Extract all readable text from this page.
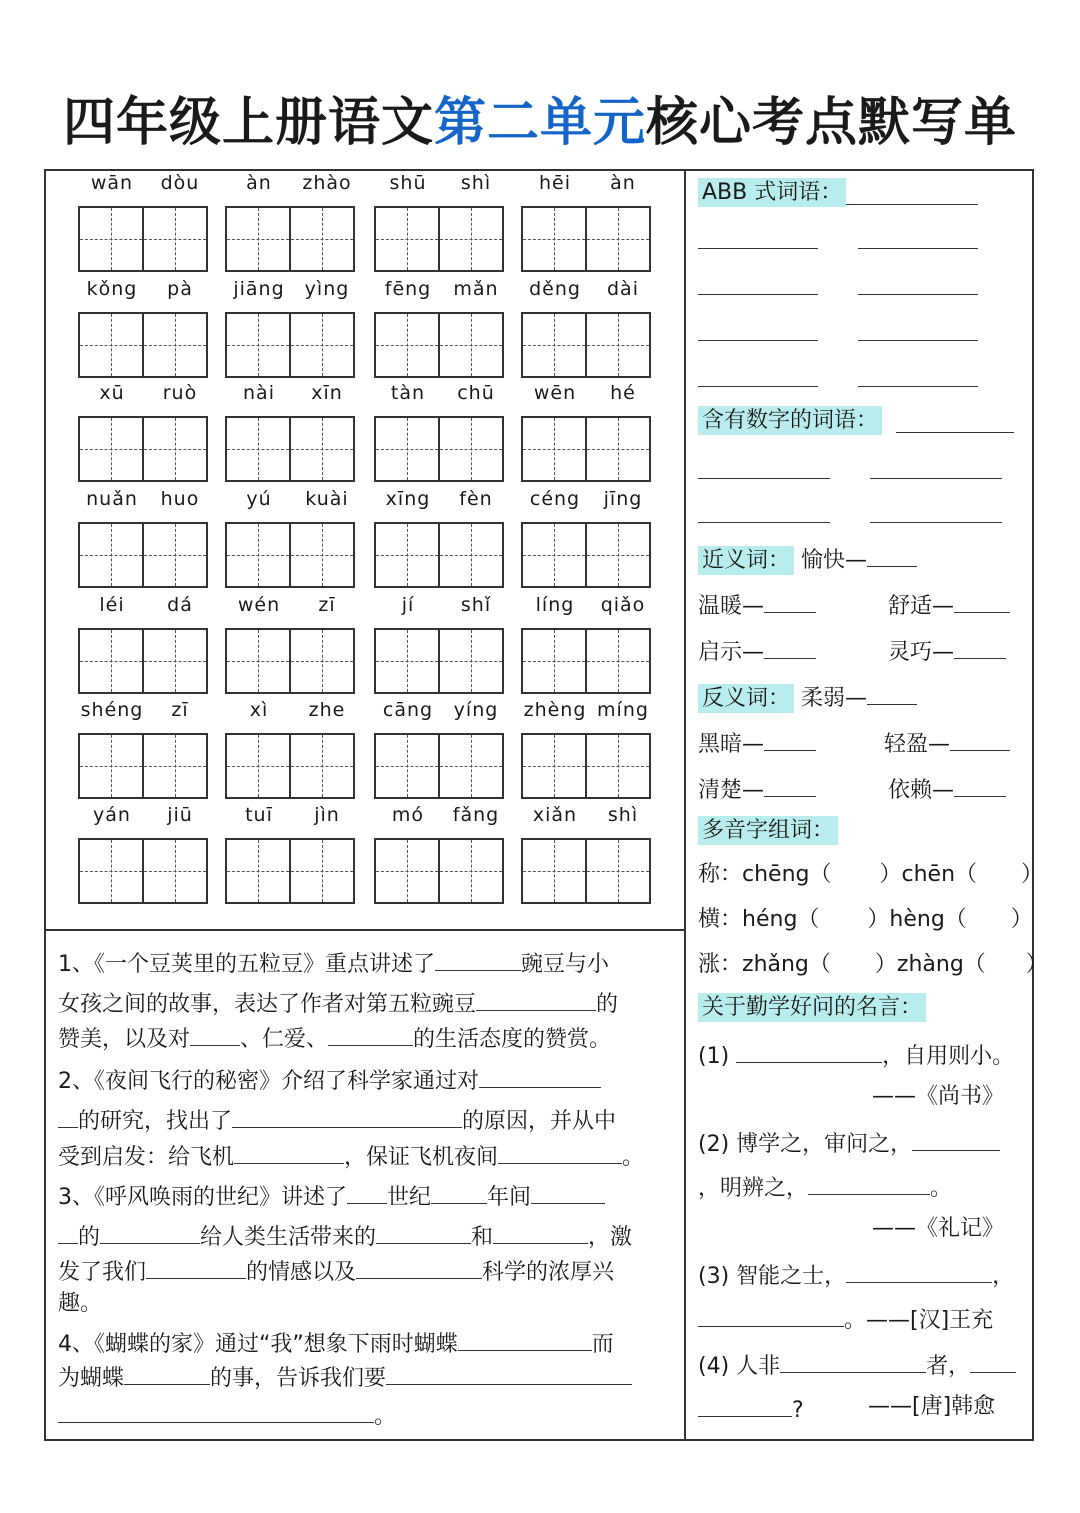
四年级上册语文第二单元核心考点默写单
wān	dòu	àn	zhào	shū	shì	hēi	àn
kǒng	pà	jiāng	yìng	fēng	mǎn	děng	dài
xū	ruò	nài	xīn	tàn	chū	wēn	hé
nuǎn	huo	yú	kuài	xīng	fèn	céng	jīng
léi	dá	wén	zī	jí	shǐ	líng	qiǎo
shéng	zī	xì	zhe	cāng	yíng	zhèng míng
yán	jiū	tuī	jìn	mó	fǎng	xiǎn	shì
1、《一个豆荚里的五粒豆》重点讲述了	豌豆与小
女孩之间的故事，表达了作者对第五粒豌豆	的
赞美，以及对 、仁爱、	的生活态度的赞赏。
2、《夜间飞行的秘密》介绍了科学家通过对
的研究，找出了	的原因，并从中
受到启发：给飞机	，保证飞机夜间	。
3、《呼风唤雨的世纪》讲述了 世纪	年间
的	给人类生活带来的	和	，激
发了我们	的情感以及	科学的浓厚兴
趣。
4、《蝴蝶的家》通过“我”想象下雨时蝴蝶	而
为蝴蝶	的事，告诉我们要
。
ABB 式词语：
含有数字的词语：
近义词： 愉快—
温暖—	舒适—
启示—	灵巧—
反义词： 柔弱—
黑暗—	轻盈—
清楚—	依赖—
多音字组词：
称：chēng（ ）chēn（ ）
横：héng（ ）hèng（ ）
涨：zhǎng（ ）zhàng（ ）
关于勤学好问的名言：
(1)	，自用则小。
——《尚书》
(2) 博学之，审问之，
，明辨之，	。
——《礼记》
(3) 智能之士，	，
。——[汉]王充
(4) 人非	者，
?	——[唐]韩愈
